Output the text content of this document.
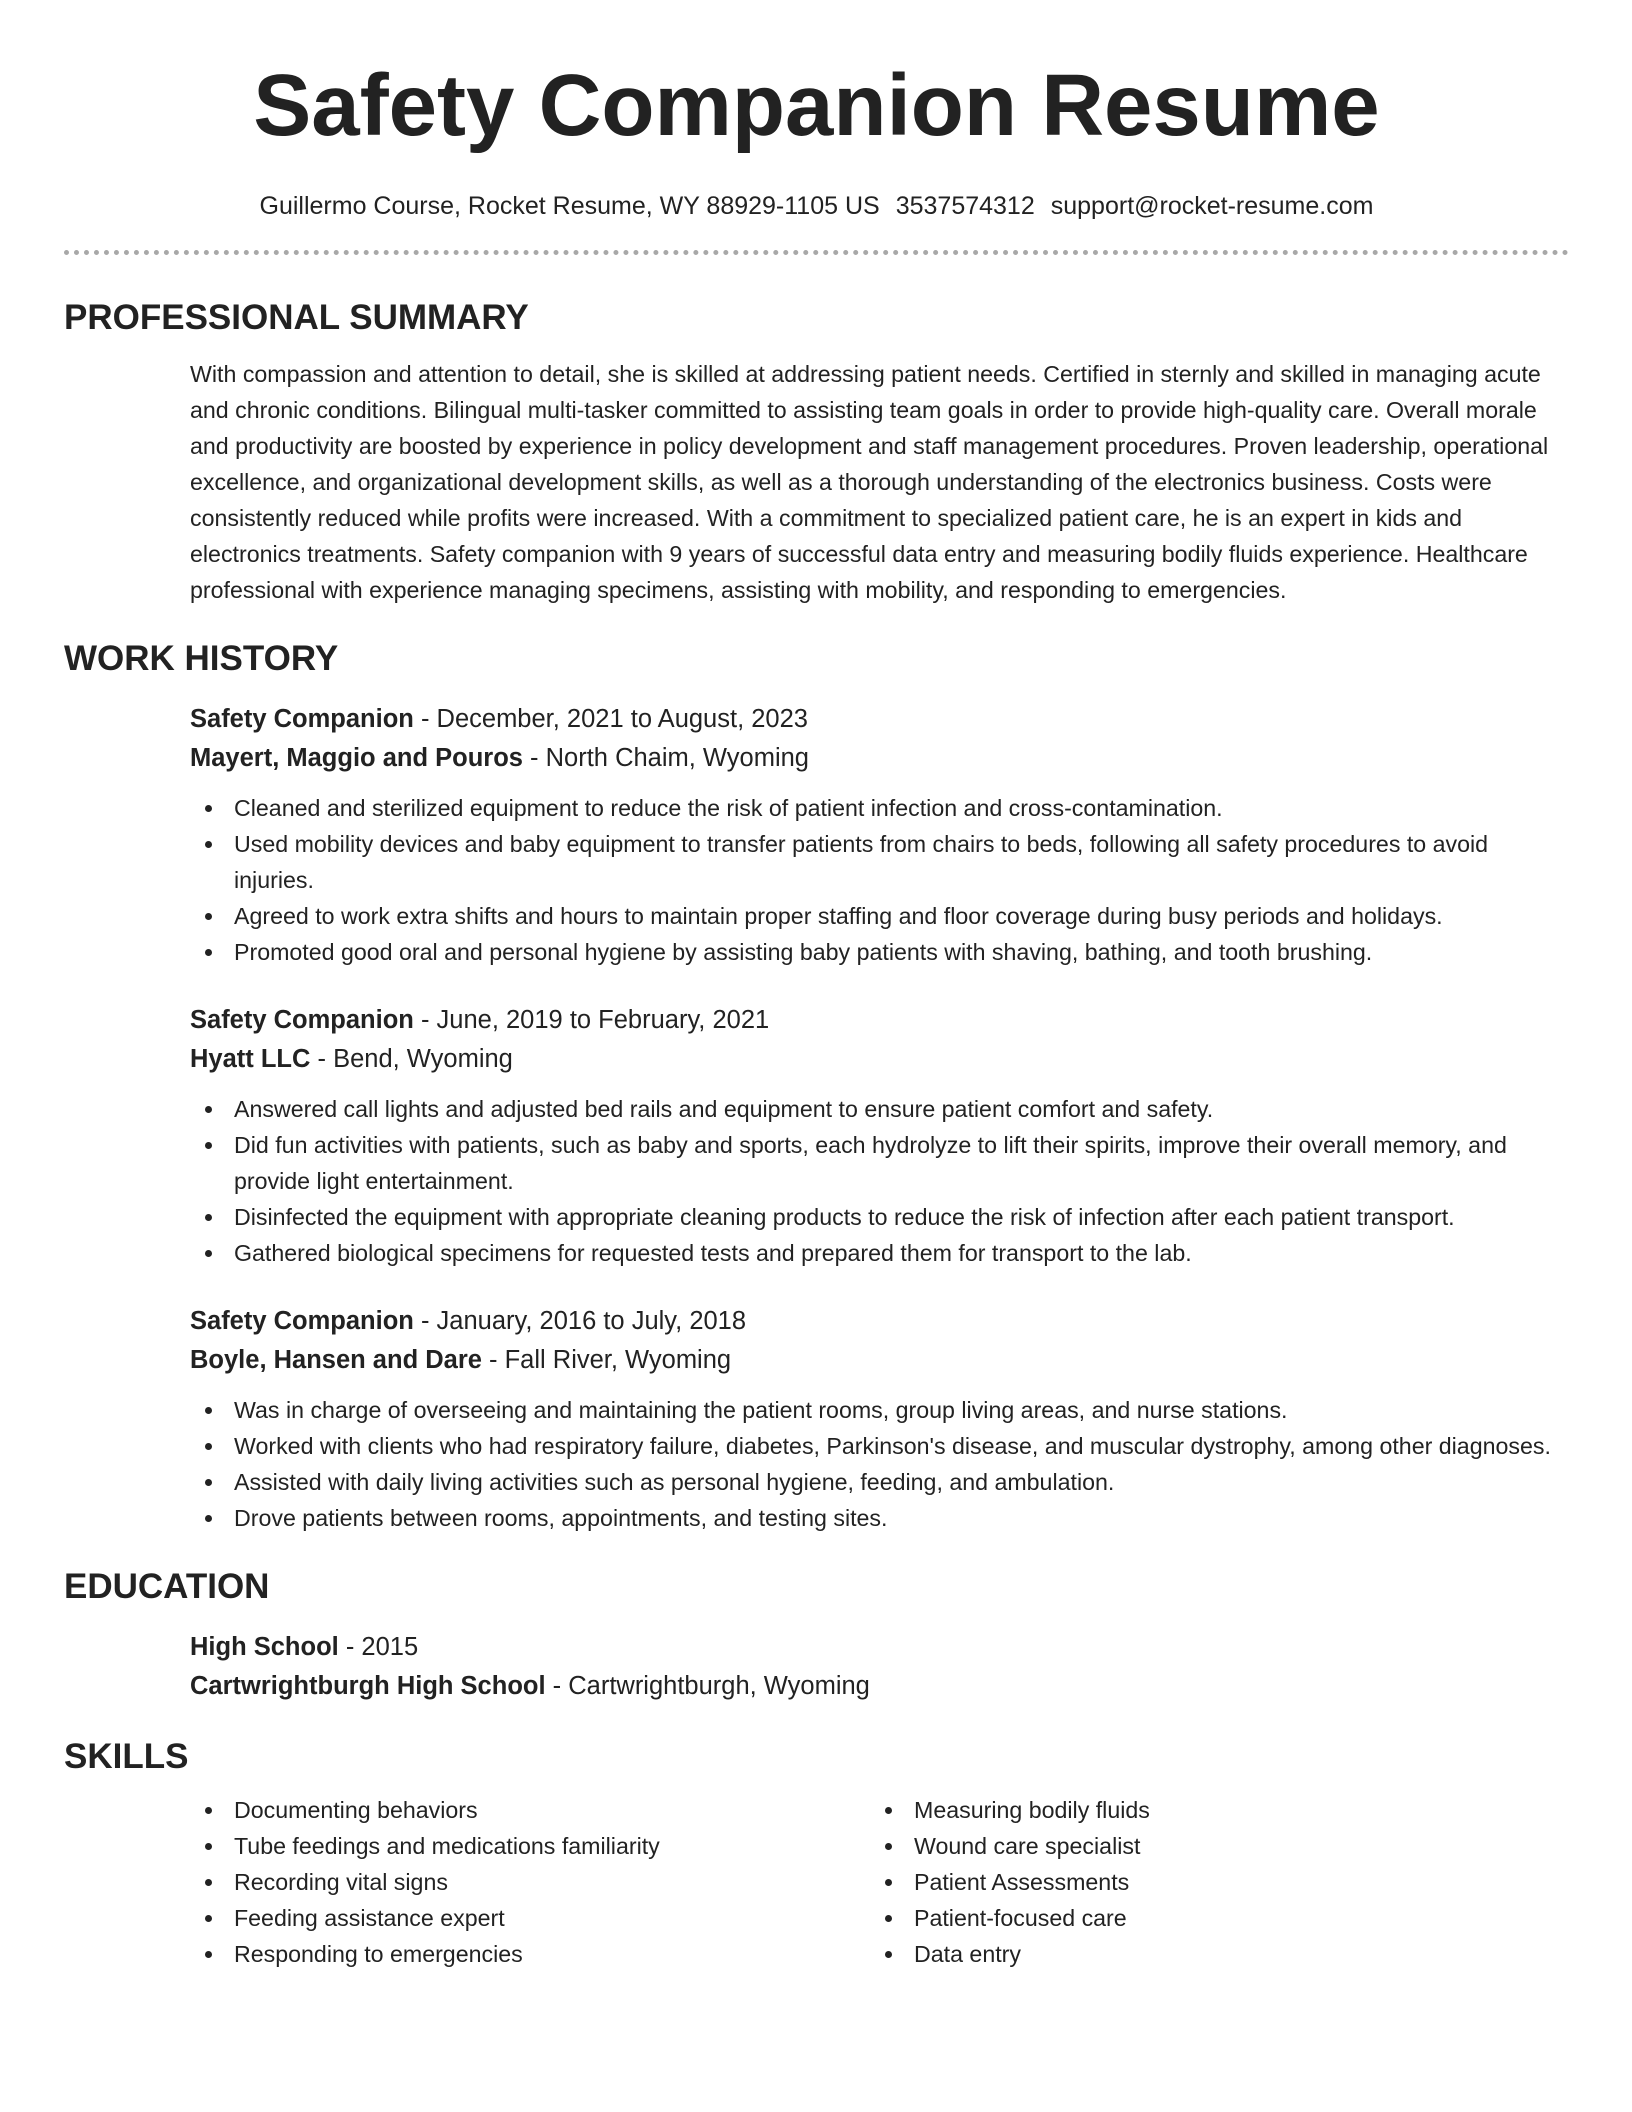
Safety Companion Resume
Guillermo Course, Rocket Resume, WY 88929-1105 US 3537574312 support@rocket-resume.com
PROFESSIONAL SUMMARY
With compassion and attention to detail, she is skilled at addressing patient needs. Certified in sternly and skilled in managing acute and chronic conditions. Bilingual multi-tasker committed to assisting team goals in order to provide high-quality care. Overall morale and productivity are boosted by experience in policy development and staff management procedures. Proven leadership, operational excellence, and organizational development skills, as well as a thorough understanding of the electronics business. Costs were consistently reduced while profits were increased. With a commitment to specialized patient care, he is an expert in kids and electronics treatments. Safety companion with 9 years of successful data entry and measuring bodily fluids experience. Healthcare professional with experience managing specimens, assisting with mobility, and responding to emergencies.
WORK HISTORY
Safety Companion - December, 2021 to August, 2023
Mayert, Maggio and Pouros - North Chaim, Wyoming
Cleaned and sterilized equipment to reduce the risk of patient infection and cross-contamination.
Used mobility devices and baby equipment to transfer patients from chairs to beds, following all safety procedures to avoid injuries.
Agreed to work extra shifts and hours to maintain proper staffing and floor coverage during busy periods and holidays.
Promoted good oral and personal hygiene by assisting baby patients with shaving, bathing, and tooth brushing.
Safety Companion - June, 2019 to February, 2021
Hyatt LLC - Bend, Wyoming
Answered call lights and adjusted bed rails and equipment to ensure patient comfort and safety.
Did fun activities with patients, such as baby and sports, each hydrolyze to lift their spirits, improve their overall memory, and provide light entertainment.
Disinfected the equipment with appropriate cleaning products to reduce the risk of infection after each patient transport.
Gathered biological specimens for requested tests and prepared them for transport to the lab.
Safety Companion - January, 2016 to July, 2018
Boyle, Hansen and Dare - Fall River, Wyoming
Was in charge of overseeing and maintaining the patient rooms, group living areas, and nurse stations.
Worked with clients who had respiratory failure, diabetes, Parkinson's disease, and muscular dystrophy, among other diagnoses.
Assisted with daily living activities such as personal hygiene, feeding, and ambulation.
Drove patients between rooms, appointments, and testing sites.
EDUCATION
High School - 2015
Cartwrightburgh High School - Cartwrightburgh, Wyoming
SKILLS
Documenting behaviors
Tube feedings and medications familiarity
Recording vital signs
Feeding assistance expert
Responding to emergencies
Measuring bodily fluids
Wound care specialist
Patient Assessments
Patient-focused care
Data entry
